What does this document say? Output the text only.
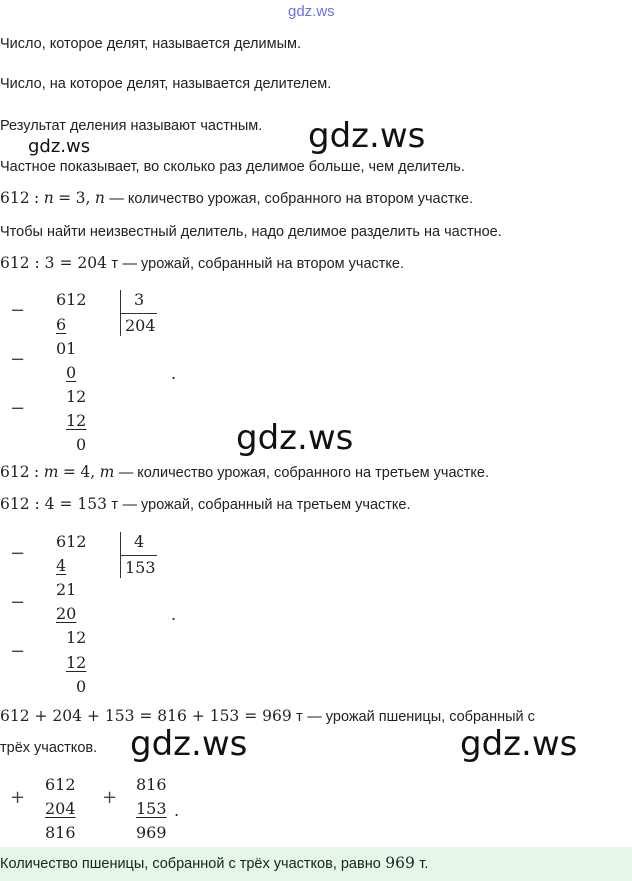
gdz.ws
Число, которое делят, называется делимым.
Число, на которое делят, называется делителем.
Результат деления называют частным. gdz.ws
gdz.ws
Частное показывает, во сколько раз делимое больше, чем делитель.
612 : n = 3, n — количество урожая, собранного на втором участке.
Чтобы найти неизвестный делитель, надо делимое разделить на частное.
612 : 3 = 204 т — урожай, собранный на втором участке.
−
−
−
612
6
01
0
12
12
0
3
204
.
gdz.ws
612 : m = 4, m — количество урожая, собранного на третьем участке.
612 : 4 = 153 т — урожай, собранный на третьем участке.
−
−
−
612
4
21
20
12
12
0
4
153
.
612 + 204 + 153 = 816 + 153 = 969 т — урожай пшеницы, собранный с
трёх участков. gdz.ws	gdz.ws
+
612
204
816
+
816
153
969
.
Количество пшеницы, собранной с трёх участков, равно 969 т.
